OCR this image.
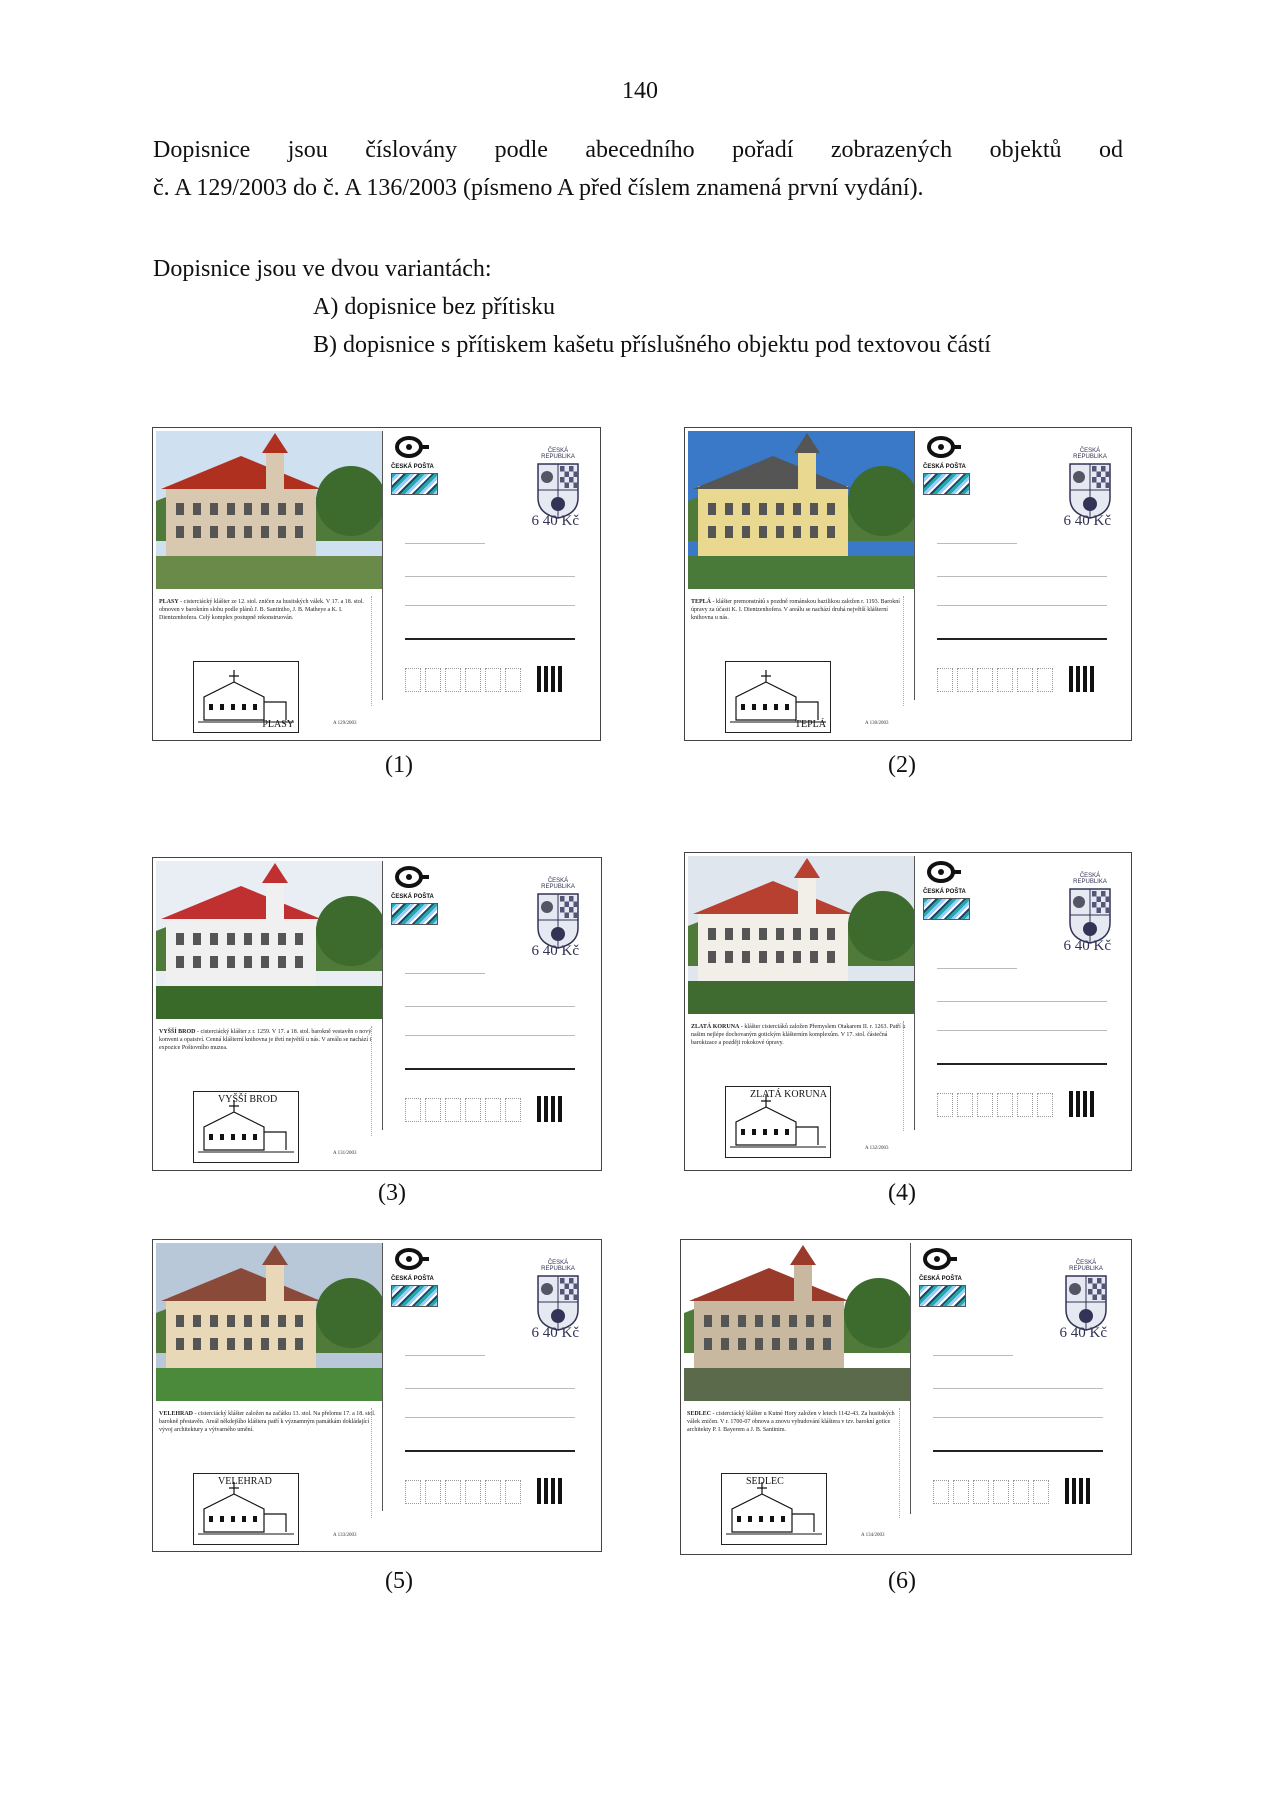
140
Dopisnice jsou číslovány podle abecedního pořadí zobrazených objektů od
č. A 129/2003 do č. A 136/2003 (písmeno A před číslem znamená první vydání).
Dopisnice jsou ve dvou variantách:
A) dopisnice bez přítisku
B) dopisnice s přítiskem kašetu příslušného objektu pod textovou částí
PLASY - cisterciácký klášter ze 12. stol. zničen za husitských válek. V 17. a 18. stol. obnoven v barokním slohu podle plánů J. B. Santiniho, J. B. Matheye a K. I. Dientzenhofera. Celý komplex postupně rekonstruován.
PLASY	A 129/2003
ČESKÁ POŠTA
ČESKÁ REPUBLIKA
6 40 Kč
(1)
TEPLÁ - klášter premonstrátů s pozdně románskou bazilikou založen r. 1193. Barokní úpravy za účasti K. I. Dientzenhofera. V areálu se nachází druhá největší klášterní knihovna u nás.
TEPLÁ	A 130/2003
ČESKÁ POŠTA
ČESKÁ REPUBLIKA
6 40 Kč
(2)
VYŠŠÍ BROD - cisterciácký klášter z r. 1259. V 17. a 18. stol. barokně vestavěn o nový konvent a opatství. Cenná klášterní knihovna je třetí největší u nás. V areálu se nachází i expozice Poštovního muzea.
VYŠŠÍ BROD
A 131/2003
ČESKÁ POŠTA
ČESKÁ REPUBLIKA
6 40 Kč
(3)
ZLATÁ KORUNA - klášter cisterciáků založen Přemyslem Otakarem II. r. 1263. Patří k našim nejlépe dochovaným gotickým klášterním komplexům. V 17. stol. částečná barokizace a později rokokové úpravy.
ZLATÁ KORUNA
A 132/2003
ČESKÁ POŠTA
ČESKÁ REPUBLIKA
6 40 Kč
(4)
VELEHRAD - cisterciácký klášter založen na začátku 13. stol. Na přelomu 17. a 18. stol. barokně přestavěn. Areál někdejšího kláštera patří k významným památkám dokládající vývoj architektury a výtvarného umění.
VELEHRAD
A 133/2003
ČESKÁ POŠTA
ČESKÁ REPUBLIKA
6 40 Kč
(5)
SEDLEC - cisterciácký klášter u Kutné Hory založen v letech 1142-43. Za husitských válek zničen. V r. 1700-07 obnova a znovu vybudování kláštera v tzv. barokní gotice architekty P. I. Bayerem a J. B. Santinim.
SEDLEC
A 134/2003
ČESKÁ POŠTA
ČESKÁ REPUBLIKA
6 40 Kč
(6)
